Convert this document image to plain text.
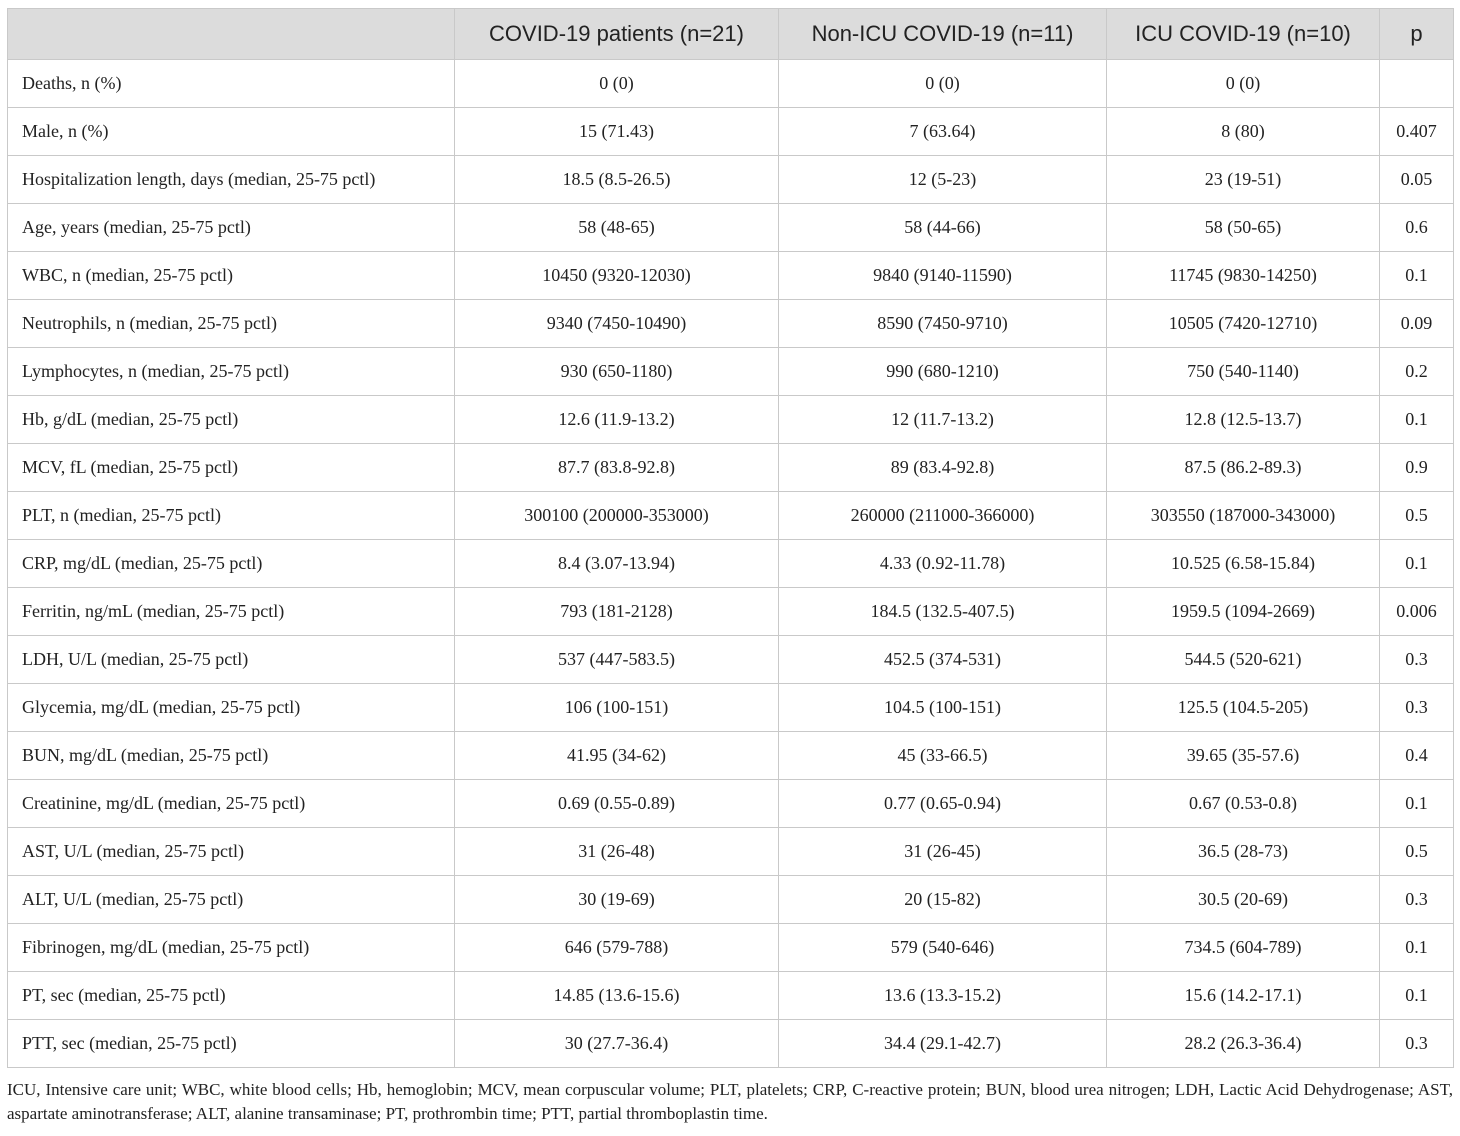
	COVID-19 patients (n=21)	Non-ICU COVID-19 (n=11)	ICU COVID-19 (n=10)	p
Deaths, n (%)	0 (0)	0 (0)	0 (0)	
Male, n (%)	15 (71.43)	7 (63.64)	8 (80)	0.407
Hospitalization length, days (median, 25-75 pctl)	18.5 (8.5-26.5)	12 (5-23)	23 (19-51)	0.05
Age, years (median, 25-75 pctl)	58 (48-65)	58 (44-66)	58 (50-65)	0.6
WBC, n (median, 25-75 pctl)	10450 (9320-12030)	9840 (9140-11590)	11745 (9830-14250)	0.1
Neutrophils, n (median, 25-75 pctl)	9340 (7450-10490)	8590 (7450-9710)	10505 (7420-12710)	0.09
Lymphocytes, n (median, 25-75 pctl)	930 (650-1180)	990 (680-1210)	750 (540-1140)	0.2
Hb, g/dL (median, 25-75 pctl)	12.6 (11.9-13.2)	12 (11.7-13.2)	12.8 (12.5-13.7)	0.1
MCV, fL (median, 25-75 pctl)	87.7 (83.8-92.8)	89 (83.4-92.8)	87.5 (86.2-89.3)	0.9
PLT, n (median, 25-75 pctl)	300100 (200000-353000)	260000 (211000-366000)	303550 (187000-343000)	0.5
CRP, mg/dL (median, 25-75 pctl)	8.4 (3.07-13.94)	4.33 (0.92-11.78)	10.525 (6.58-15.84)	0.1
Ferritin, ng/mL (median, 25-75 pctl)	793 (181-2128)	184.5 (132.5-407.5)	1959.5 (1094-2669)	0.006
LDH, U/L (median, 25-75 pctl)	537 (447-583.5)	452.5 (374-531)	544.5 (520-621)	0.3
Glycemia, mg/dL (median, 25-75 pctl)	106 (100-151)	104.5 (100-151)	125.5 (104.5-205)	0.3
BUN, mg/dL (median, 25-75 pctl)	41.95 (34-62)	45 (33-66.5)	39.65 (35-57.6)	0.4
Creatinine, mg/dL (median, 25-75 pctl)	0.69 (0.55-0.89)	0.77 (0.65-0.94)	0.67 (0.53-0.8)	0.1
AST, U/L (median, 25-75 pctl)	31 (26-48)	31 (26-45)	36.5 (28-73)	0.5
ALT, U/L (median, 25-75 pctl)	30 (19-69)	20 (15-82)	30.5 (20-69)	0.3
Fibrinogen, mg/dL (median, 25-75 pctl)	646 (579-788)	579 (540-646)	734.5 (604-789)	0.1
PT, sec (median, 25-75 pctl)	14.85 (13.6-15.6)	13.6 (13.3-15.2)	15.6 (14.2-17.1)	0.1
PTT, sec (median, 25-75 pctl)	30 (27.7-36.4)	34.4 (29.1-42.7)	28.2 (26.3-36.4)	0.3
ICU, Intensive care unit; WBC, white blood cells; Hb, hemoglobin; MCV, mean corpuscular volume; PLT, platelets; CRP, C-reactive protein; BUN, blood urea nitrogen; LDH, Lactic Acid Dehydrogenase; AST, aspartate aminotransferase; ALT, alanine transaminase; PT, prothrombin time; PTT, partial thromboplastin time.
